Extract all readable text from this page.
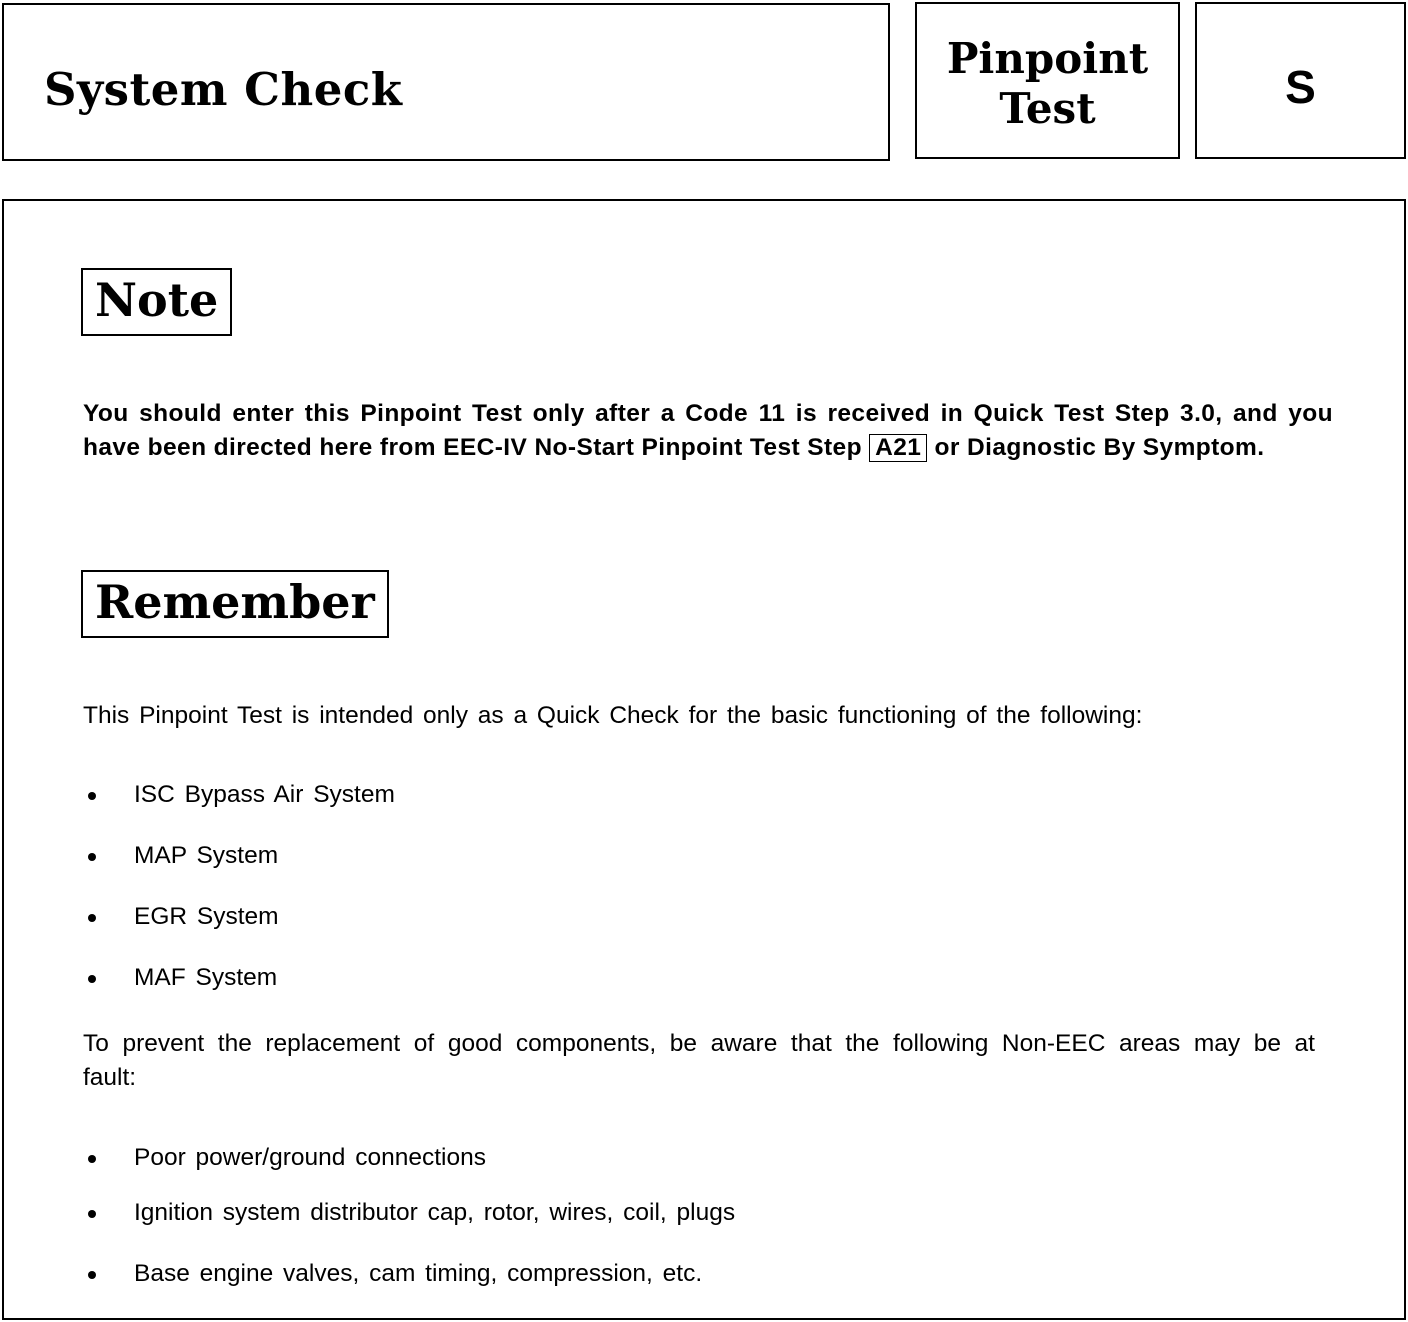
System Check
Pinpoint
Test	S
Note
You should enter this Pinpoint Test only after a Code 11 is received in Quick Test Step 3.0, and you have been directed here from EEC-IV No-Start Pinpoint Test Step A21 or Diagnostic By Symptom.
Remember
This Pinpoint Test is intended only as a Quick Check for the basic functioning of the following:
ISC Bypass Air System
MAP System
EGR System
MAF System
To prevent the replacement of good components, be aware that the following Non-EEC areas may be at fault:
Poor power/ground connections
Ignition system distributor cap, rotor, wires, coil, plugs
Base engine valves, cam timing, compression, etc.
